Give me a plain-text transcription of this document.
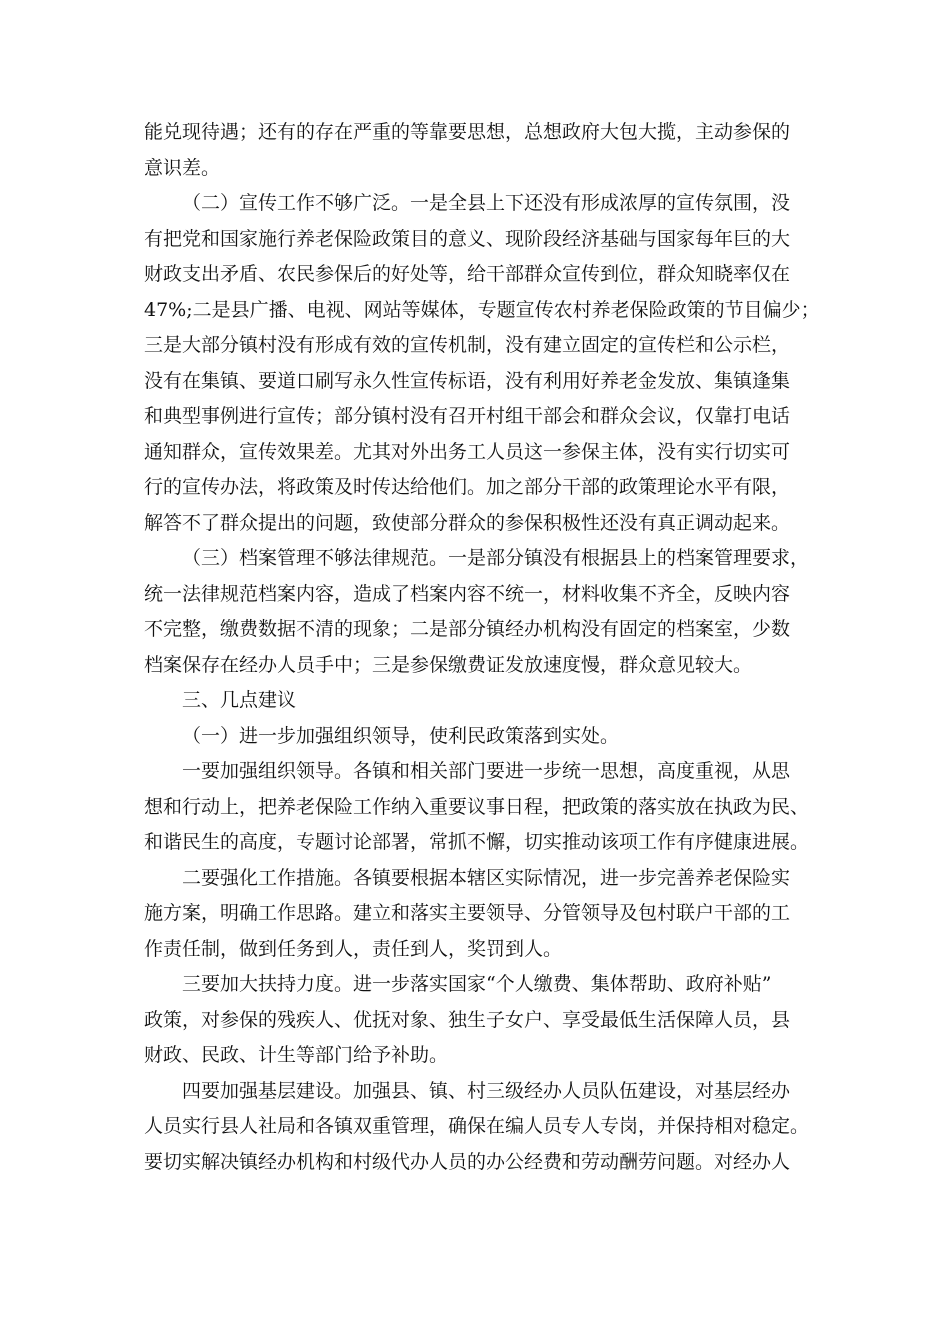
能兑现待遇；还有的存在严重的等靠要思想，总想政府大包大揽，主动参保的
意识差。
（二）宣传工作不够广泛。一是全县上下还没有形成浓厚的宣传氛围，没
有把党和国家施行养老保险政策目的意义、现阶段经济基础与国家每年巨的大
财政支出矛盾、农民参保后的好处等，给干部群众宣传到位，群众知晓率仅在
47%;二是县广播、电视、网站等媒体，专题宣传农村养老保险政策的节目偏少；
三是大部分镇村没有形成有效的宣传机制，没有建立固定的宣传栏和公示栏，
没有在集镇、要道口刷写永久性宣传标语，没有利用好养老金发放、集镇逢集
和典型事例进行宣传；部分镇村没有召开村组干部会和群众会议，仅靠打电话
通知群众，宣传效果差。尤其对外出务工人员这一参保主体，没有实行切实可
行的宣传办法，将政策及时传达给他们。加之部分干部的政策理论水平有限，
解答不了群众提出的问题，致使部分群众的参保积极性还没有真正调动起来。
（三）档案管理不够法律规范。一是部分镇没有根据县上的档案管理要求，
统一法律规范档案内容，造成了档案内容不统一，材料收集不齐全，反映内容
不完整，缴费数据不清的现象；二是部分镇经办机构没有固定的档案室，少数
档案保存在经办人员手中；三是参保缴费证发放速度慢，群众意见较大。
三、几点建议
（一）进一步加强组织领导，使利民政策落到实处。
一要加强组织领导。各镇和相关部门要进一步统一思想，高度重视，从思
想和行动上，把养老保险工作纳入重要议事日程，把政策的落实放在执政为民、
和谐民生的高度，专题讨论部署，常抓不懈，切实推动该项工作有序健康进展。
二要强化工作措施。各镇要根据本辖区实际情况，进一步完善养老保险实
施方案，明确工作思路。建立和落实主要领导、分管领导及包村联户干部的工
作责任制，做到任务到人，责任到人，奖罚到人。
三要加大扶持力度。进一步落实国家“个人缴费、集体帮助、政府补贴”
政策，对参保的残疾人、优抚对象、独生子女户、享受最低生活保障人员，县
财政、民政、计生等部门给予补助。
四要加强基层建设。加强县、镇、村三级经办人员队伍建设，对基层经办
人员实行县人社局和各镇双重管理，确保在编人员专人专岗，并保持相对稳定。
要切实解决镇经办机构和村级代办人员的办公经费和劳动酬劳问题。对经办人
